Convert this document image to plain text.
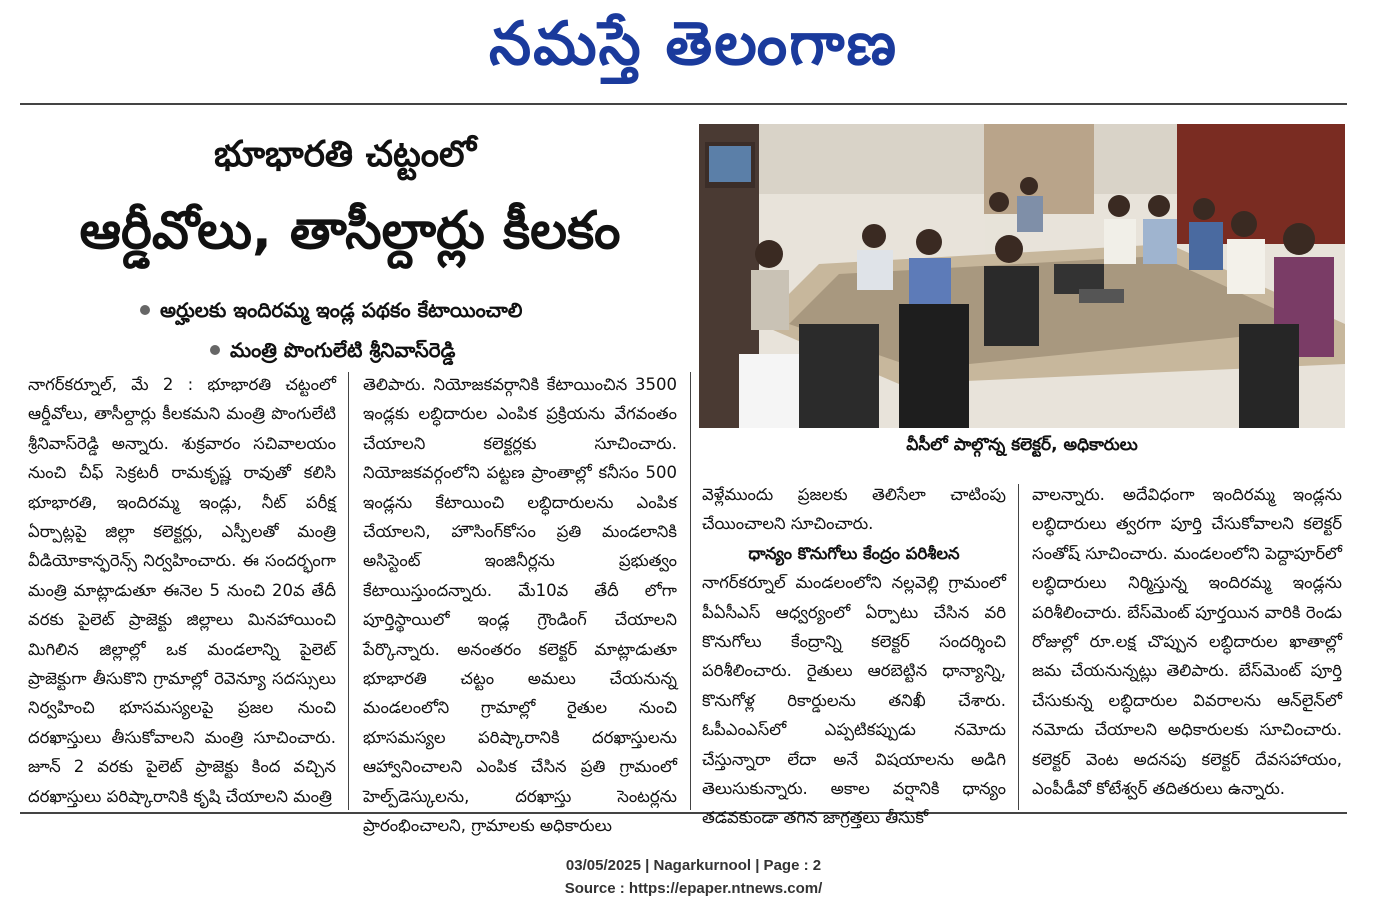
నమస్తే తెలంగాణ
భూభారతి చట్టంలో
ఆర్డీవోలు, తాసీల్దార్లు కీలకం
అర్హులకు ఇందిరమ్మ ఇండ్ల పథకం కేటాయించాలి
మంత్రి పొంగులేటి శ్రీనివాస్‌రెడ్డి
వీసీలో పాల్గొన్న కలెక్టర్, అధికారులు

నాగర్‌కర్నూల్, మే 2 : భూభారతి చట్టంలో ఆర్డీవోలు, తాసీల్దార్లు కీలకమని మంత్రి పొంగులేటి శ్రీనివాస్‌రెడ్డి అన్నారు. శుక్రవారం సచివాలయం నుంచి చీఫ్ సెక్రటరీ రామకృష్ణ రావుతో కలిసి భూభారతి, ఇందిరమ్మ ఇండ్లు, నీట్ పరీక్ష ఏర్పాట్లపై జిల్లా కలెక్టర్లు, ఎస్పీలతో మంత్రి వీడియోకాన్ఫరెన్స్ నిర్వహించారు. ఈ సందర్భంగా మంత్రి మాట్లాడుతూ ఈనెల 5 నుంచి 20వ తేదీ వరకు పైలెట్ ప్రాజెక్టు జిల్లాలు మినహాయించి మిగిలిన జిల్లాల్లో ఒక మండలాన్ని పైలెట్ ప్రాజెక్టుగా తీసుకొని గ్రామాల్లో రెవెన్యూ సదస్సులు నిర్వహించి భూసమస్యలపై ప్రజల నుంచి దరఖాస్తులు తీసుకోవాలని మంత్రి సూచించారు. జూన్ 2 వరకు పైలెట్ ప్రాజెక్టు కింద వచ్చిన దరఖాస్తులు పరిష్కారానికి కృషి చేయాలని మంత్రి

తెలిపారు. నియోజకవర్గానికి కేటాయించిన 3500 ఇండ్లకు లబ్ధిదారుల ఎంపిక ప్రక్రియను వేగవంతం చేయాలని కలెక్టర్లకు సూచించారు. నియోజకవర్గంలోని పట్టణ ప్రాంతాల్లో కనీసం 500 ఇండ్లను కేటాయించి లబ్ధిదారులను ఎంపిక చేయాలని, హౌసింగ్‌కోసం ప్రతి మండలానికి అసిస్టెంట్ ఇంజినీర్లను ప్రభుత్వం కేటాయిస్తుందన్నారు. మే10వ తేదీ లోగా పూర్తిస్థాయిలో ఇండ్ల గ్రౌండింగ్ చేయాలని పేర్కొన్నారు. అనంతరం కలెక్టర్ మాట్లాడుతూ భూభారతి చట్టం అమలు చేయనున్న మండలంలోని గ్రామాల్లో రైతుల నుంచి భూసమస్యల పరిష్కారానికి దరఖాస్తులను ఆహ్వానించాలని ఎంపిక చేసిన ప్రతి గ్రామంలో హెల్ప్‌డెస్కులను, దరఖాస్తు సెంటర్లను ప్రారంభించాలని, గ్రామాలకు అధికారులు

వెళ్లేముందు ప్రజలకు తెలిసేలా చాటింపు చేయించాలని సూచించారు.

ధాన్యం కొనుగోలు కేంద్రం పరిశీలన

నాగర్‌కర్నూల్ మండలంలోని నల్లవెల్లి గ్రామంలో పీఏసీఎస్ ఆధ్వర్యంలో ఏర్పాటు చేసిన వరి కొనుగోలు కేంద్రాన్ని కలెక్టర్ సందర్శించి పరిశీలించారు. రైతులు ఆరబెట్టిన ధాన్యాన్ని, కొనుగోళ్ల రికార్డులను తనిఖీ చేశారు. ఓపీఎంఎస్‌లో ఎప్పటికప్పుడు నమోదు చేస్తున్నారా లేదా అనే విషయాలను అడిగి తెలుసుకున్నారు. అకాల వర్షానికి ధాన్యం తడవకుండా తగిన జాగ్రత్తలు తీసుకో

వాలన్నారు. అదేవిధంగా ఇందిరమ్మ ఇండ్లను లబ్ధిదారులు త్వరగా పూర్తి చేసుకోవాలని కలెక్టర్ సంతోష్ సూచించారు. మండలంలోని పెద్దాపూర్‌లో లబ్ధిదారులు నిర్మిస్తున్న ఇందిరమ్మ ఇండ్లను పరిశీలించారు. బేస్‌మెంట్ పూర్తయిన వారికి రెండు రోజుల్లో రూ.లక్ష చొప్పున లబ్ధిదారుల ఖాతాల్లో జమ చేయనున్నట్లు తెలిపారు. బేస్‌మెంట్ పూర్తి చేసుకున్న లబ్ధిదారుల వివరాలను ఆన్‌లైన్‌లో నమోదు చేయాలని అధికారులకు సూచించారు. కలెక్టర్ వెంట అదనపు కలెక్టర్ దేవసహాయం, ఎంపీడీవో కోటేశ్వర్ తదితరులు ఉన్నారు.

03/05/2025 | Nagarkurnool | Page : 2
Source : https://epaper.ntnews.com/
